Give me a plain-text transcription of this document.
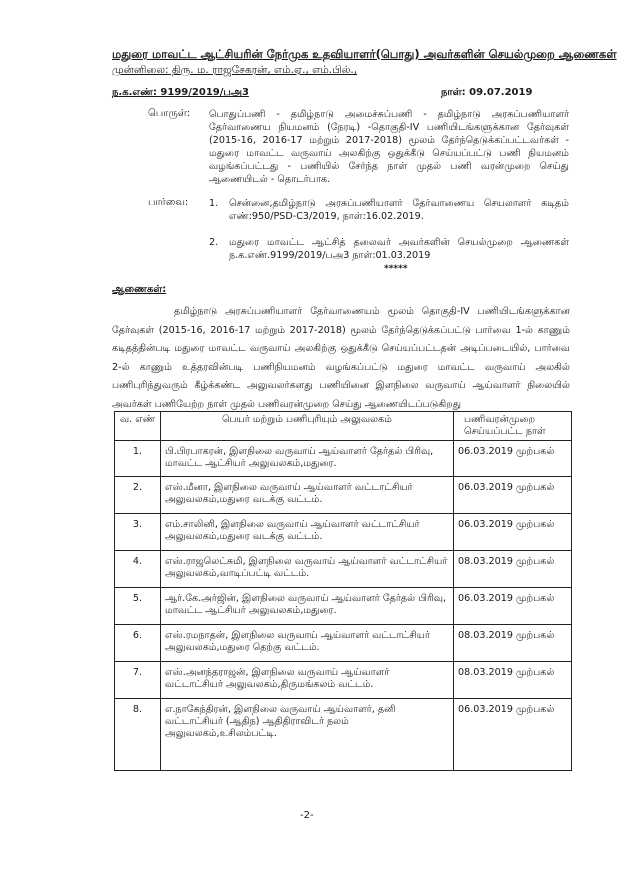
மதுரை மாவட்ட ஆட்சியரின் நேர்முக உதவியாளர்(பொது) அவர்களின் செயல்முறை ஆணைகள்
முன்னிலை: திரு. ம. ராஜசேகரன், எம்.ஏ., எம்.பில்.,
ந.க.எண்: 9199/2019/பஅ3	நாள்: 09.07.2019
பொருள்: பொதுப்பணி - தமிழ்நாடு அமைச்சுப்பணி - தமிழ்நாடு அரசுப்பணியாளர் தேர்வாணைய நியமனம் (நேரடி) -தொகுதி-IV பணியிடங்களுக்கான தேர்வுகள் (2015-16, 2016-17 மற்றும் 2017-2018) மூலம் தேர்ந்தெடுக்கப்பட்டவர்கள் - மதுரை மாவட்ட வருவாய் அலகிற்கு ஒதுக்கீடு செய்யப்பட்டு பணி நியமனம் வழங்கப்பட்டது - பணியில் சேர்ந்த நாள் முதல் பணி வரன்முறை செய்து ஆணையிடல் - தொடர்பாக.
பார்வை: 1.	சென்னை,தமிழ்நாடு அரசுப்பணியாளர் தேர்வாணைய செயலாளர் கடிதம் எண்:950/PSD-C3/2019, நாள்:16.02.2019.
2.	மதுரை மாவட்ட ஆட்சித் தலைவர் அவர்களின் செயல்முறை ஆணைகள் ந.க.எண்.9199/2019/பஅ3 நாள்:01.03.2019
*****
ஆணைகள்:
தமிழ்நாடு அரசுப்பணியாளர் தேர்வாணையம் மூலம் தொகுதி-IV பணியிடங்களுக்கான தேர்வுகள் (2015-16, 2016-17 மற்றும் 2017-2018) மூலம் தேர்ந்தெடுக்கப்பட்டு பார்வை 1-ல் காணும் கடிதத்தின்படி மதுரை மாவட்ட வருவாய் அலகிற்கு ஒதுக்கீடு செய்யப்பட்டதன் அடிப்படையில், பார்வை 2-ல் காணும் உத்தரவின்படி பணிநியமனம் வழங்கப்பட்டு மதுரை மாவட்ட வருவாய் அலகில் பணிபுரிந்துவரும் கீழ்க்கண்ட அலுவலர்களது பணியினை இளநிலை வருவாய் ஆய்வாளர் நிலையில் அவர்கள் பணியேற்ற நாள் முதல் பணிவரன்முறை செய்து ஆணையிடப்படுகிறது
வ. எண்	பெயர் மற்றும் பணிபுரியும் அலுவலகம்	பணிவரன்முறை செய்யப்பட்ட நாள்
1.	பி.பிரபாகரன், இளநிலை வருவாய் ஆய்வாளர் தேர்தல் பிரிவு, மாவட்ட ஆட்சியர் அலுவலகம்,மதுரை.	06.03.2019 முற்பகல்
2.	எஸ்.மீனா, இளநிலை வருவாய் ஆய்வாளர் வட்டாட்சியர் அலுவலகம்,மதுரை வடக்கு வட்டம்.	06.03.2019 முற்பகல்
3.	எம்.சாலினி, இளநிலை வருவாய் ஆய்வாளர் வட்டாட்சியர் அலுவலகம்,மதுரை வடக்கு வட்டம்.	06.03.2019 முற்பகல்
4.	எஸ்.ராஜலெட்சுமி, இளநிலை வருவாய் ஆய்வாளர் வட்டாட்சியர் அலுவலகம்,வாடிப்பட்டி வட்டம்.	08.03.2019 முற்பகல்
5.	ஆர்.கே.அர்ஜின், இளநிலை வருவாய் ஆய்வாளர் தேர்தல் பிரிவு, மாவட்ட ஆட்சியர் அலுவலகம்,மதுரை.	06.03.2019 முற்பகல்
6.	எஸ்.ரமநாதன், இளநிலை வருவாய் ஆய்வாளர் வட்டாட்சியர் அலுவலகம்,மதுரை தெற்கு வட்டம்.	08.03.2019 முற்பகல்
7.	எஸ்.அனந்தராஜன், இளநிலை வருவாய் ஆய்வாளர் வட்டாட்சியர் அலுவலகம்,திருமங்கலம் வட்டம்.	08.03.2019 முற்பகல்
8.	எ.நாகேந்திரன், இளநிலை வருவாய் ஆய்வாளர், தனி வட்டாட்சியர் (ஆதிந) ஆதிதிராவிடர் நலம் அலுவலகம்,உசிலம்பட்டி.	06.03.2019 முற்பகல்
-2-
